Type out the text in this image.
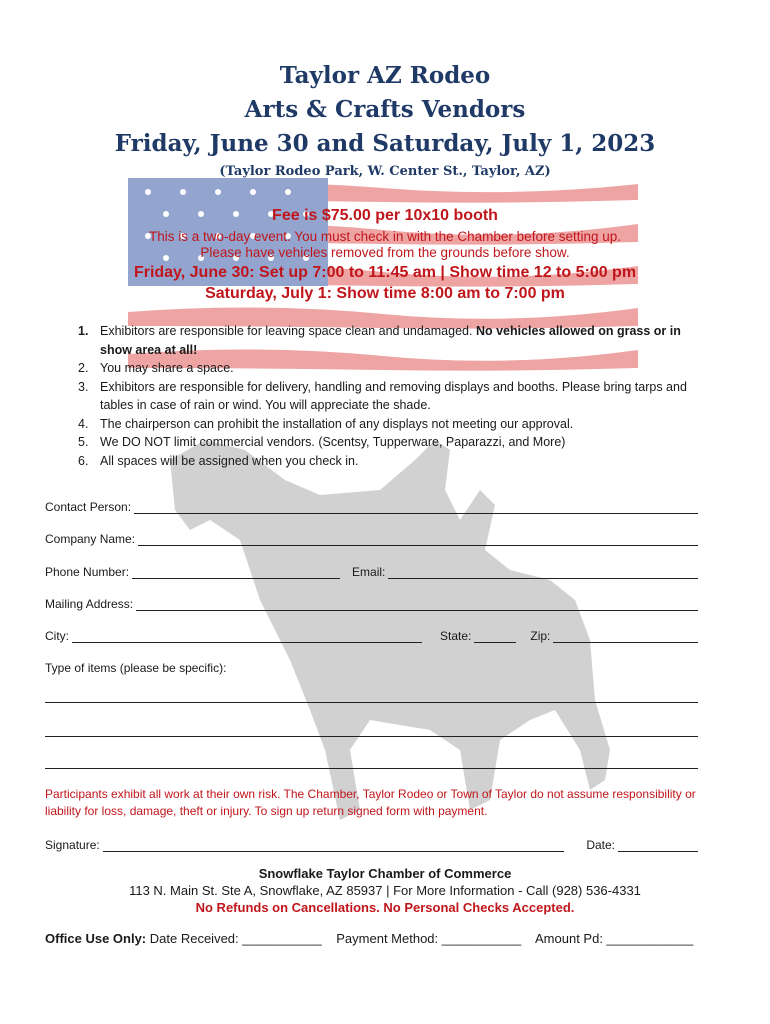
Taylor AZ Rodeo
Arts & Crafts Vendors
Friday, June 30 and Saturday, July 1, 2023
(Taylor Rodeo Park, W. Center St., Taylor, AZ)
Fee is $75.00 per 10x10 booth
This is a two-day event. You must check in with the Chamber before setting up.
Please have vehicles removed from the grounds before show.
Friday, June 30: Set up 7:00 to 11:45 am | Show time 12 to 5:00 pm
Saturday, July 1: Show time 8:00 am to 7:00 pm
1. Exhibitors are responsible for leaving space clean and undamaged. No vehicles allowed on grass or in show area at all!
2. You may share a space.
3. Exhibitors are responsible for delivery, handling and removing displays and booths. Please bring tarps and tables in case of rain or wind. You will appreciate the shade.
4. The chairperson can prohibit the installation of any displays not meeting our approval.
5. We DO NOT limit commercial vendors. (Scentsy, Tupperware, Paparazzi, and More)
6. All spaces will be assigned when you check in.
Contact Person:
Company Name:
Phone Number:	Email:
Mailing Address:
City:	State:	Zip:
Type of items (please be specific):
Participants exhibit all work at their own risk. The Chamber, Taylor Rodeo or Town of Taylor do not assume responsibility or liability for loss, damage, theft or injury. To sign up return signed form with payment.
Signature:	Date:
Snowflake Taylor Chamber of Commerce
113 N. Main St. Ste A, Snowflake, AZ 85937 | For More Information - Call (928) 536-4331
No Refunds on Cancellations. No Personal Checks Accepted.
Office Use Only: Date Received: ___________ Payment Method: ___________ Amount Pd: ____________
